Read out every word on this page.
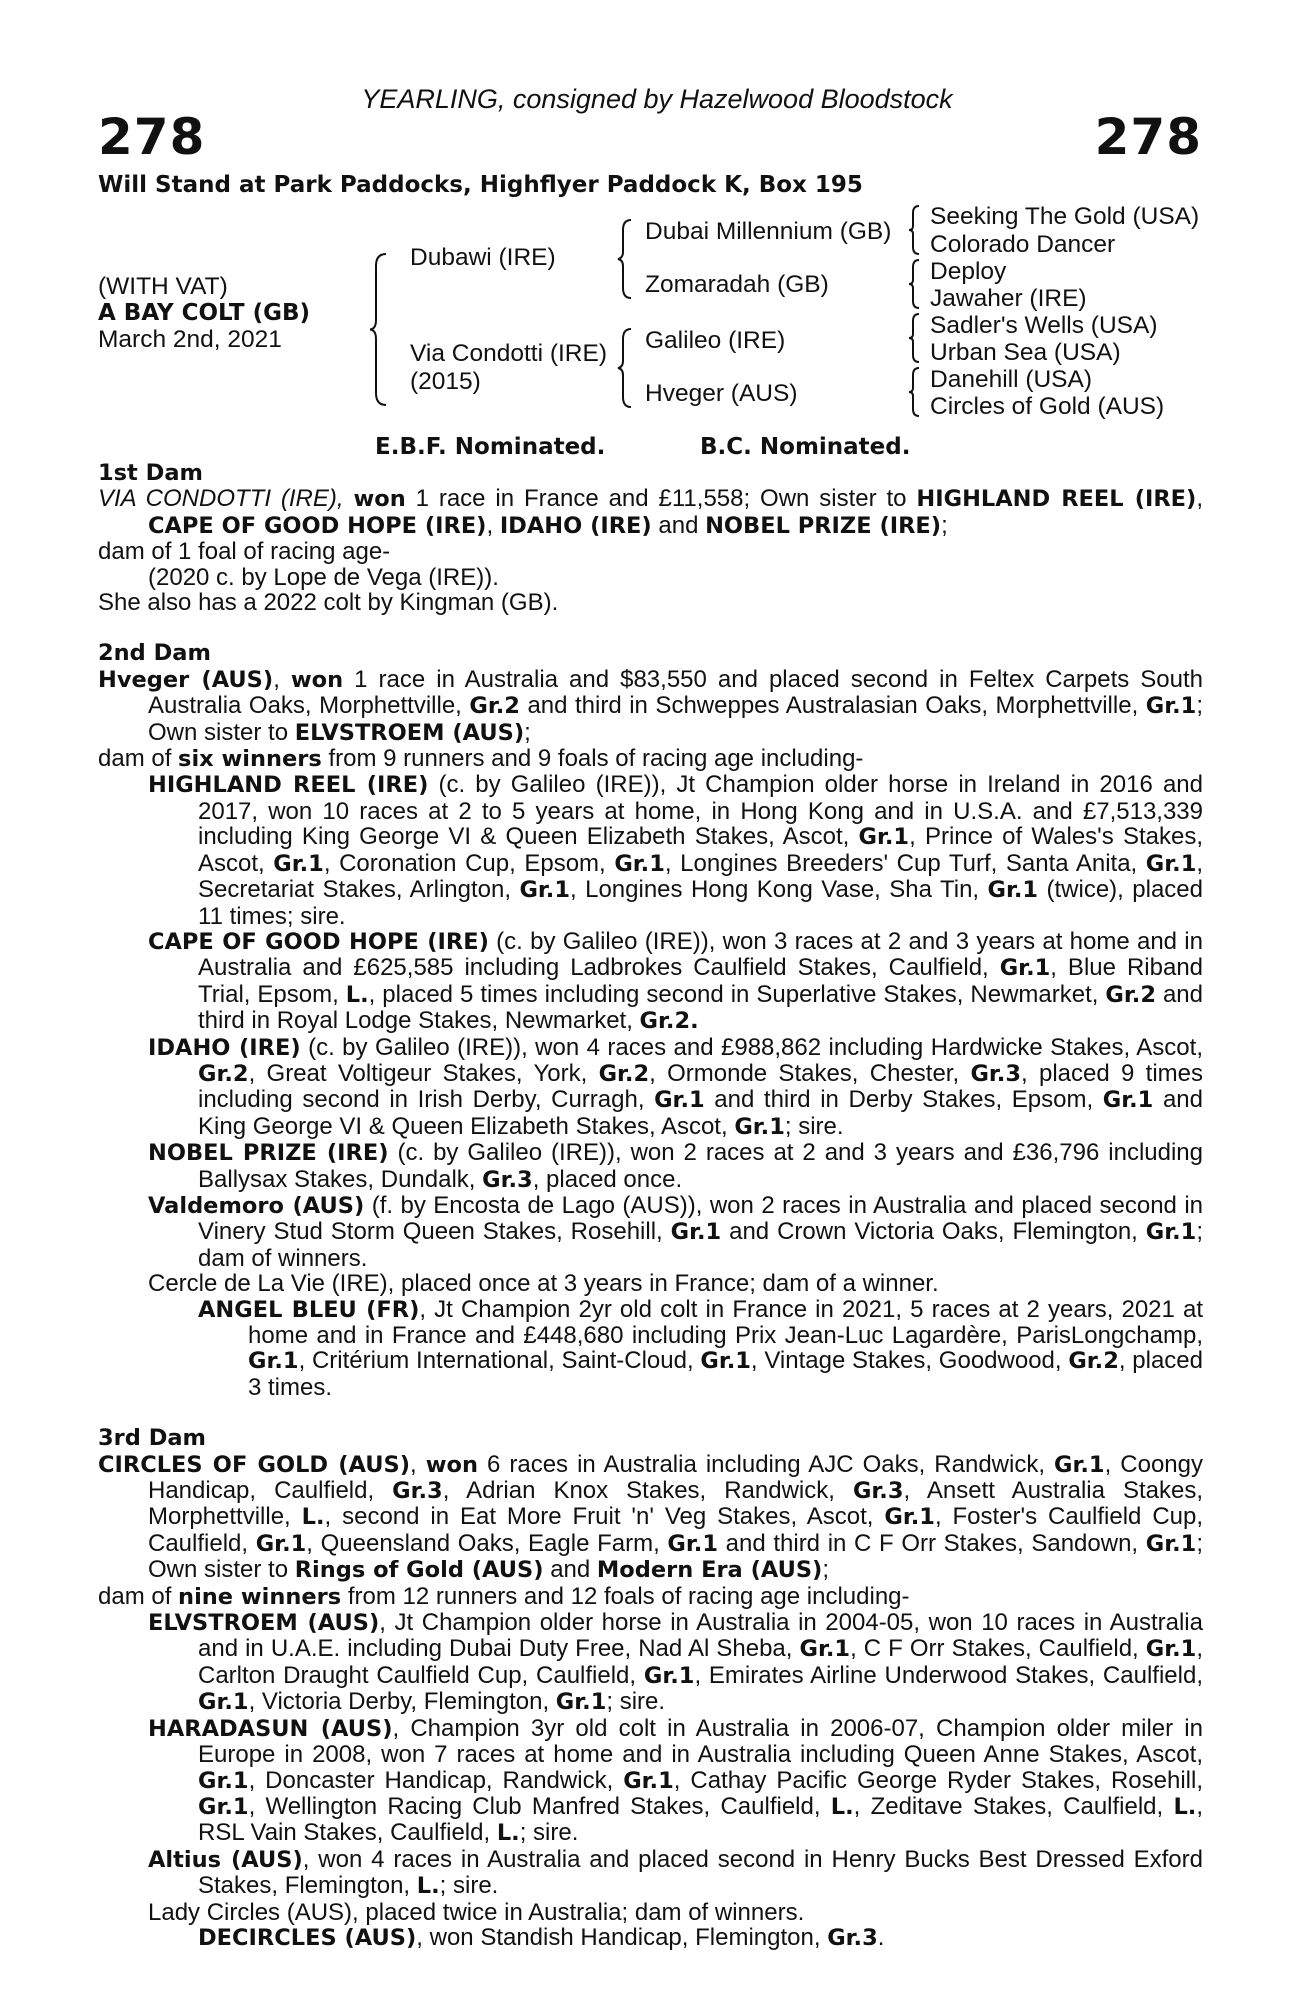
YEARLING, consigned by Hazelwood Bloodstock
278	278
Will Stand at Park Paddocks, Highflyer Paddock K, Box 195
(WITH VAT)
A BAY COLT (GB)
March 2nd, 2021
Dubawi (IRE)
Via Condotti (IRE)
(2015)
Dubai Millennium (GB)
Zomaradah (GB)
Galileo (IRE)
Hveger (AUS)
Seeking The Gold (USA)
Colorado Dancer
Deploy
Jawaher (IRE)
Sadler's Wells (USA)
Urban Sea (USA)
Danehill (USA)
Circles of Gold (AUS)
E.B.F. Nominated.	B.C. Nominated.

1st Dam

VIA CONDOTTI (IRE), won 1 race in France and £11,558; Own sister to HIGHLAND REEL (IRE), CAPE OF GOOD HOPE (IRE), IDAHO (IRE) and NOBEL PRIZE (IRE);

dam of 1 foal of racing age-

(2020 c. by Lope de Vega (IRE)).

She also has a 2022 colt by Kingman (GB).

2nd Dam

Hveger (AUS), won 1 race in Australia and $83,550 and placed second in Feltex Carpets South Australia Oaks, Morphettville, Gr.2 and third in Schweppes Australasian Oaks, Morphettville, Gr.1; Own sister to ELVSTROEM (AUS);

dam of six winners from 9 runners and 9 foals of racing age including-

HIGHLAND REEL (IRE) (c. by Galileo (IRE)), Jt Champion older horse in Ireland in 2016 and 2017, won 10 races at 2 to 5 years at home, in Hong Kong and in U.S.A. and £7,513,339 including King George VI & Queen Elizabeth Stakes, Ascot, Gr.1, Prince of Wales's Stakes, Ascot, Gr.1, Coronation Cup, Epsom, Gr.1, Longines Breeders' Cup Turf, Santa Anita, Gr.1, Secretariat Stakes, Arlington, Gr.1, Longines Hong Kong Vase, Sha Tin, Gr.1 (twice), placed 11 times; sire.

CAPE OF GOOD HOPE (IRE) (c. by Galileo (IRE)), won 3 races at 2 and 3 years at home and in Australia and £625,585 including Ladbrokes Caulfield Stakes, Caulfield, Gr.1, Blue Riband Trial, Epsom, L., placed 5 times including second in Superlative Stakes, Newmarket, Gr.2 and third in Royal Lodge Stakes, Newmarket, Gr.2.

IDAHO (IRE) (c. by Galileo (IRE)), won 4 races and £988,862 including Hardwicke Stakes, Ascot, Gr.2, Great Voltigeur Stakes, York, Gr.2, Ormonde Stakes, Chester, Gr.3, placed 9 times including second in Irish Derby, Curragh, Gr.1 and third in Derby Stakes, Epsom, Gr.1 and King George VI & Queen Elizabeth Stakes, Ascot, Gr.1; sire.

NOBEL PRIZE (IRE) (c. by Galileo (IRE)), won 2 races at 2 and 3 years and £36,796 including Ballysax Stakes, Dundalk, Gr.3, placed once.

Valdemoro (AUS) (f. by Encosta de Lago (AUS)), won 2 races in Australia and placed second in Vinery Stud Storm Queen Stakes, Rosehill, Gr.1 and Crown Victoria Oaks, Flemington, Gr.1; dam of winners.

Cercle de La Vie (IRE), placed once at 3 years in France; dam of a winner.

ANGEL BLEU (FR), Jt Champion 2yr old colt in France in 2021, 5 races at 2 years, 2021 at home and in France and £448,680 including Prix Jean-Luc Lagardère, ParisLongchamp, Gr.1, Critérium International, Saint-Cloud, Gr.1, Vintage Stakes, Goodwood, Gr.2, placed 3 times.

3rd Dam

CIRCLES OF GOLD (AUS), won 6 races in Australia including AJC Oaks, Randwick, Gr.1, Coongy Handicap, Caulfield, Gr.3, Adrian Knox Stakes, Randwick, Gr.3, Ansett Australia Stakes, Morphettville, L., second in Eat More Fruit 'n' Veg Stakes, Ascot, Gr.1, Foster's Caulfield Cup, Caulfield, Gr.1, Queensland Oaks, Eagle Farm, Gr.1 and third in C F Orr Stakes, Sandown, Gr.1; Own sister to Rings of Gold (AUS) and Modern Era (AUS);

dam of nine winners from 12 runners and 12 foals of racing age including-

ELVSTROEM (AUS), Jt Champion older horse in Australia in 2004-05, won 10 races in Australia and in U.A.E. including Dubai Duty Free, Nad Al Sheba, Gr.1, C F Orr Stakes, Caulfield, Gr.1, Carlton Draught Caulfield Cup, Caulfield, Gr.1, Emirates Airline Underwood Stakes, Caulfield, Gr.1, Victoria Derby, Flemington, Gr.1; sire.

HARADASUN (AUS), Champion 3yr old colt in Australia in 2006-07, Champion older miler in Europe in 2008, won 7 races at home and in Australia including Queen Anne Stakes, Ascot, Gr.1, Doncaster Handicap, Randwick, Gr.1, Cathay Pacific George Ryder Stakes, Rosehill, Gr.1, Wellington Racing Club Manfred Stakes, Caulfield, L., Zeditave Stakes, Caulfield, L., RSL Vain Stakes, Caulfield, L.; sire.

Altius (AUS), won 4 races in Australia and placed second in Henry Bucks Best Dressed Exford Stakes, Flemington, L.; sire.

Lady Circles (AUS), placed twice in Australia; dam of winners.

DECIRCLES (AUS), won Standish Handicap, Flemington, Gr.3.
